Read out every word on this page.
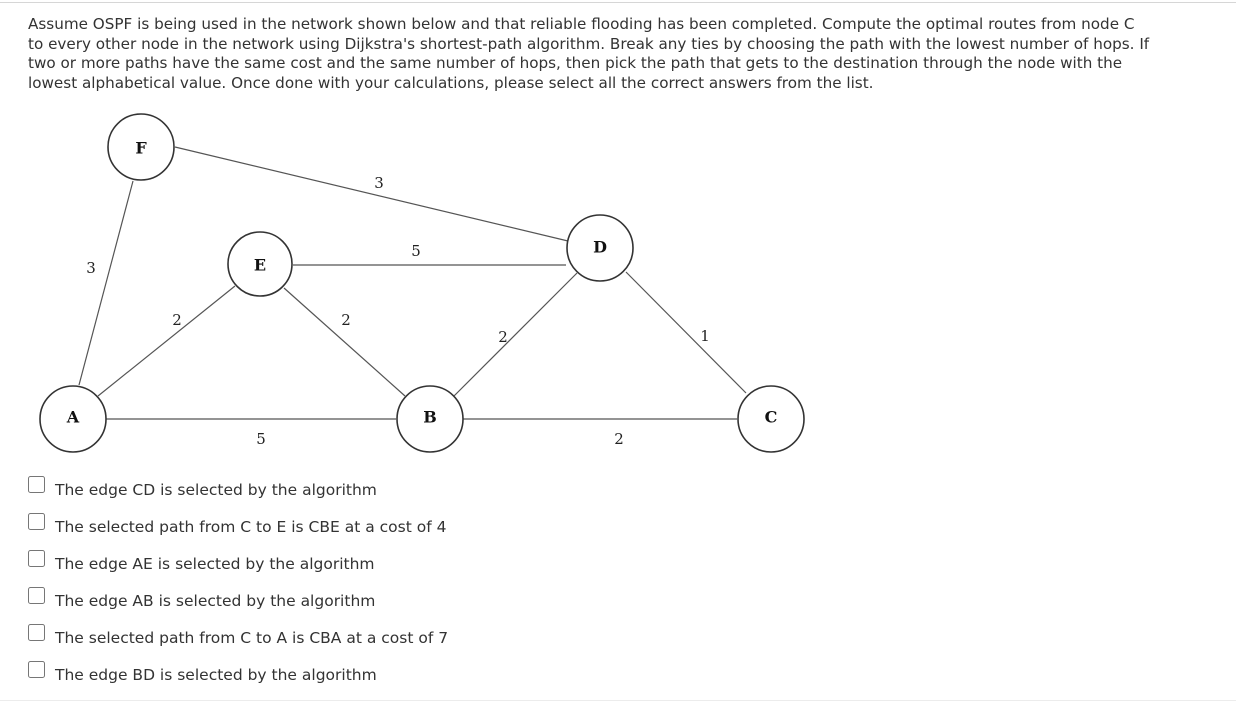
Assume OSPF is being used in the network shown below and that reliable flooding has been completed. Compute the optimal routes from node C
to every other node in the network using Dijkstra's shortest-path algorithm. Break any ties by choosing the path with the lowest number of hops. If
two or more paths have the same cost and the same number of hops, then pick the path that gets to the destination through the node with the
lowest alphabetical value. Once done with your calculations, please select all the correct answers from the list.

3
3
5
2	2
2	1
5	2
F
E
D
A	B	C
The edge CD is selected by the algorithm
The selected path from C to E is CBE at a cost of 4
The edge AE is selected by the algorithm
The edge AB is selected by the algorithm
The selected path from C to A is CBA at a cost of 7
The edge BD is selected by the algorithm
